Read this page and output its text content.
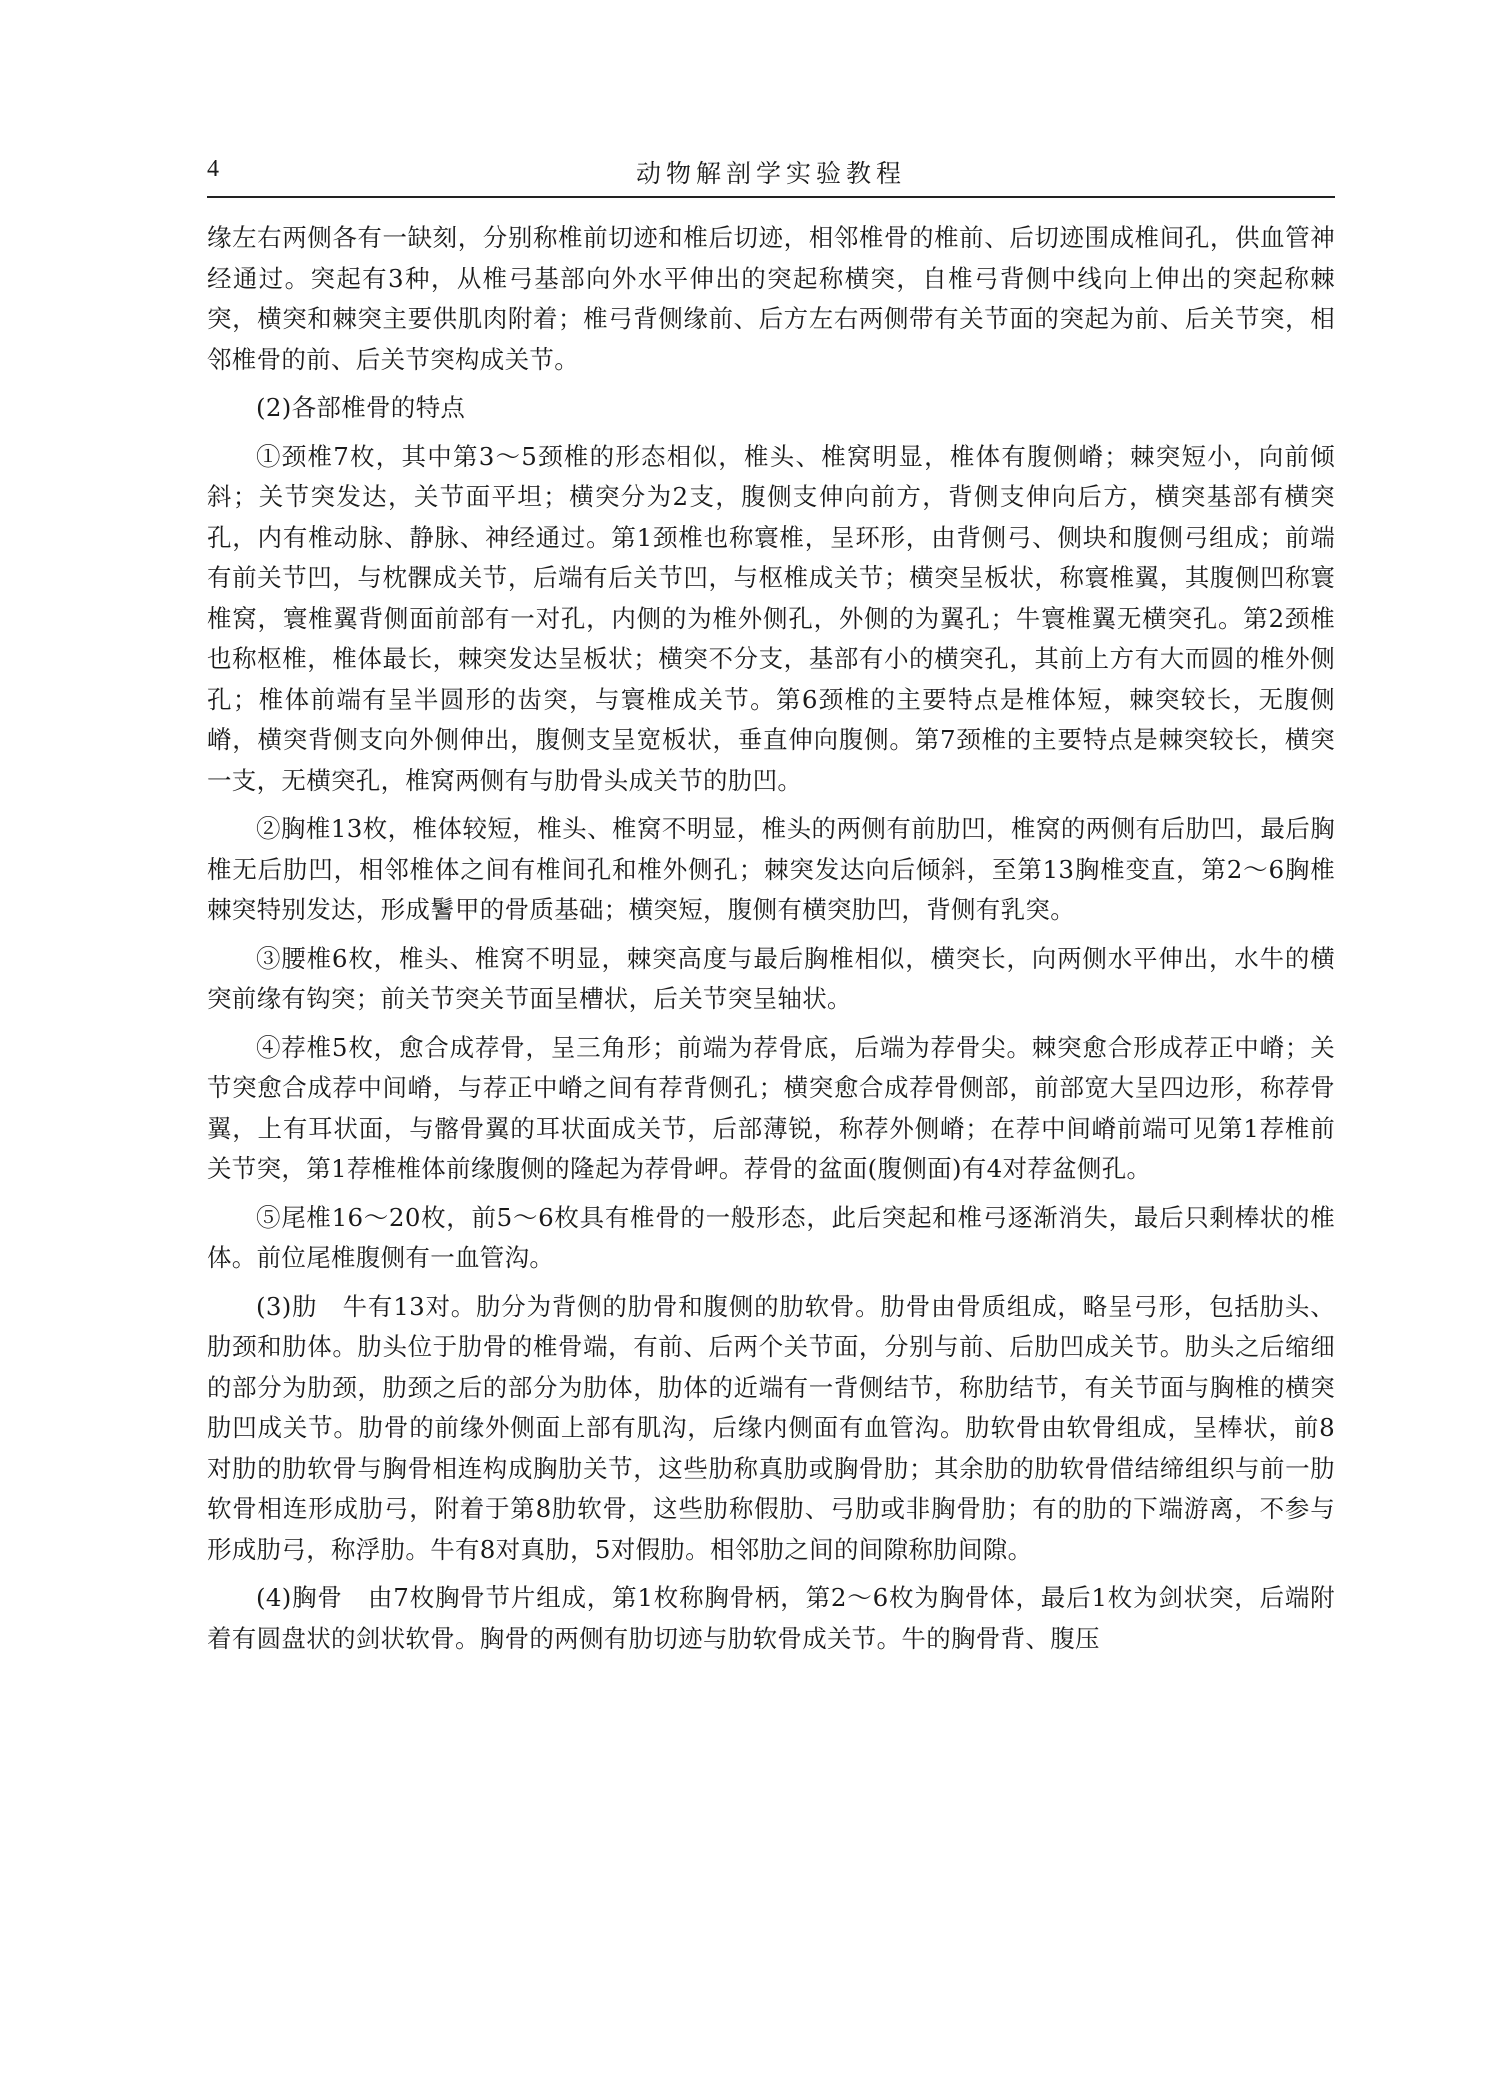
4	动物解剖学实验教程

缘左右两侧各有一缺刻，分别称椎前切迹和椎后切迹，相邻椎骨的椎前、后切迹围成椎间孔，供血管神经通过。突起有3种，从椎弓基部向外水平伸出的突起称横突，自椎弓背侧中线向上伸出的突起称棘突，横突和棘突主要供肌肉附着；椎弓背侧缘前、后方左右两侧带有关节面的突起为前、后关节突，相邻椎骨的前、后关节突构成关节。

(2)各部椎骨的特点

①颈椎7枚，其中第3～5颈椎的形态相似，椎头、椎窝明显，椎体有腹侧嵴；棘突短小，向前倾斜；关节突发达，关节面平坦；横突分为2支，腹侧支伸向前方，背侧支伸向后方，横突基部有横突孔，内有椎动脉、静脉、神经通过。第1颈椎也称寰椎，呈环形，由背侧弓、侧块和腹侧弓组成；前端有前关节凹，与枕髁成关节，后端有后关节凹，与枢椎成关节；横突呈板状，称寰椎翼，其腹侧凹称寰椎窝，寰椎翼背侧面前部有一对孔，内侧的为椎外侧孔，外侧的为翼孔；牛寰椎翼无横突孔。第2颈椎也称枢椎，椎体最长，棘突发达呈板状；横突不分支，基部有小的横突孔，其前上方有大而圆的椎外侧孔；椎体前端有呈半圆形的齿突，与寰椎成关节。第6颈椎的主要特点是椎体短，棘突较长，无腹侧嵴，横突背侧支向外侧伸出，腹侧支呈宽板状，垂直伸向腹侧。第7颈椎的主要特点是棘突较长，横突一支，无横突孔，椎窝两侧有与肋骨头成关节的肋凹。

②胸椎13枚，椎体较短，椎头、椎窝不明显，椎头的两侧有前肋凹，椎窝的两侧有后肋凹，最后胸椎无后肋凹，相邻椎体之间有椎间孔和椎外侧孔；棘突发达向后倾斜，至第13胸椎变直，第2～6胸椎棘突特别发达，形成鬐甲的骨质基础；横突短，腹侧有横突肋凹，背侧有乳突。

③腰椎6枚，椎头、椎窝不明显，棘突高度与最后胸椎相似，横突长，向两侧水平伸出，水牛的横突前缘有钩突；前关节突关节面呈槽状，后关节突呈轴状。

④荐椎5枚，愈合成荐骨，呈三角形；前端为荐骨底，后端为荐骨尖。棘突愈合形成荐正中嵴；关节突愈合成荐中间嵴，与荐正中嵴之间有荐背侧孔；横突愈合成荐骨侧部，前部宽大呈四边形，称荐骨翼，上有耳状面，与髂骨翼的耳状面成关节，后部薄锐，称荐外侧嵴；在荐中间嵴前端可见第1荐椎前关节突，第1荐椎椎体前缘腹侧的隆起为荐骨岬。荐骨的盆面(腹侧面)有4对荐盆侧孔。

⑤尾椎16～20枚，前5～6枚具有椎骨的一般形态，此后突起和椎弓逐渐消失，最后只剩棒状的椎体。前位尾椎腹侧有一血管沟。

(3)肋　牛有13对。肋分为背侧的肋骨和腹侧的肋软骨。肋骨由骨质组成，略呈弓形，包括肋头、肋颈和肋体。肋头位于肋骨的椎骨端，有前、后两个关节面，分别与前、后肋凹成关节。肋头之后缩细的部分为肋颈，肋颈之后的部分为肋体，肋体的近端有一背侧结节，称肋结节，有关节面与胸椎的横突肋凹成关节。肋骨的前缘外侧面上部有肌沟，后缘内侧面有血管沟。肋软骨由软骨组成，呈棒状，前8对肋的肋软骨与胸骨相连构成胸肋关节，这些肋称真肋或胸骨肋；其余肋的肋软骨借结缔组织与前一肋软骨相连形成肋弓，附着于第8肋软骨，这些肋称假肋、弓肋或非胸骨肋；有的肋的下端游离，不参与形成肋弓，称浮肋。牛有8对真肋，5对假肋。相邻肋之间的间隙称肋间隙。

(4)胸骨　由7枚胸骨节片组成，第1枚称胸骨柄，第2～6枚为胸骨体，最后1枚为剑状突，后端附着有圆盘状的剑状软骨。胸骨的两侧有肋切迹与肋软骨成关节。牛的胸骨背、腹压
